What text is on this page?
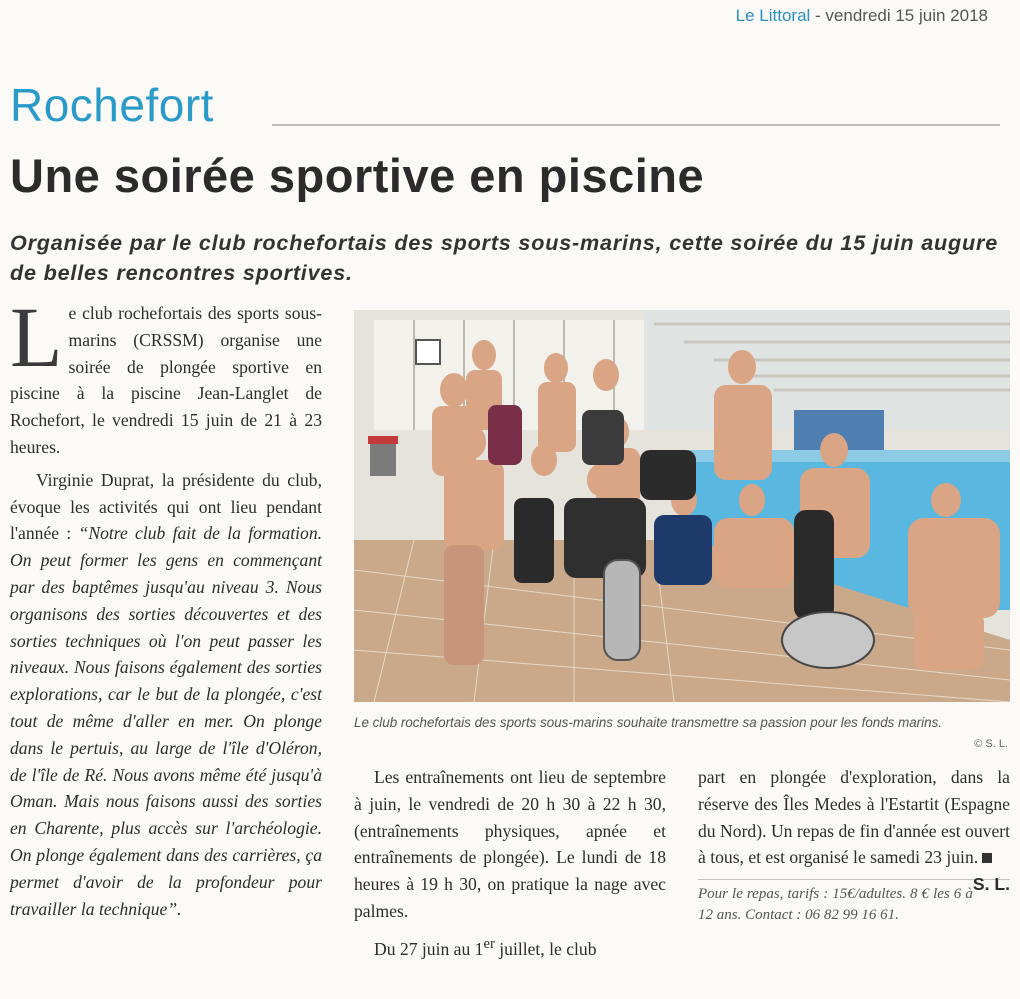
Le Littoral - vendredi 15 juin 2018
Rochefort
Une soirée sportive en piscine

Organisée par le club rochefortais des sports sous-marins, cette soirée du 15 juin augure de belles rencontres sportives.

Le club rochefortais des sports sous-marins (CRSSM) organise une soirée de plongée sportive en piscine à la piscine Jean-Langlet de Rochefort, le vendredi 15 juin de 21 à 23 heures.

Virginie Duprat, la présidente du club, évoque les activités qui ont lieu pendant l'année : “Notre club fait de la formation. On peut former les gens en commençant par des baptêmes jusqu'au niveau 3. Nous organisons des sorties découvertes et des sorties techniques où l'on peut passer les niveaux. Nous faisons également des sorties explorations, car le but de la plongée, c'est tout de même d'aller en mer. On plonge dans le pertuis, au large de l'île d'Oléron, de l'île de Ré. Nous avons même été jusqu'à Oman. Mais nous faisons aussi des sorties en Charente, plus accès sur l'archéologie. On plonge également dans des carrières, ça permet d'avoir de la profondeur pour travailler la technique”.

Le club rochefortais des sports sous-marins souhaite transmettre sa passion pour les fonds marins.
© S. L.

Les entraînements ont lieu de septembre à juin, le vendredi de 20 h 30 à 22 h 30, (entraînements physiques, apnée et entraînements de plongée). Le lundi de 18 heures à 19 h 30, on pratique la nage avec palmes.

Du 27 juin au 1er juillet, le club

part en plongée d'exploration, dans la réserve des Îles Medes à l'Estartit (Espagne du Nord). Un repas de fin d'année est ouvert à tous, et est organisé le samedi 23 juin.
S. L.

Pour le repas, tarifs : 15€/adultes. 8 € les 6 à 12 ans. Contact : 06 82 99 16 61.
